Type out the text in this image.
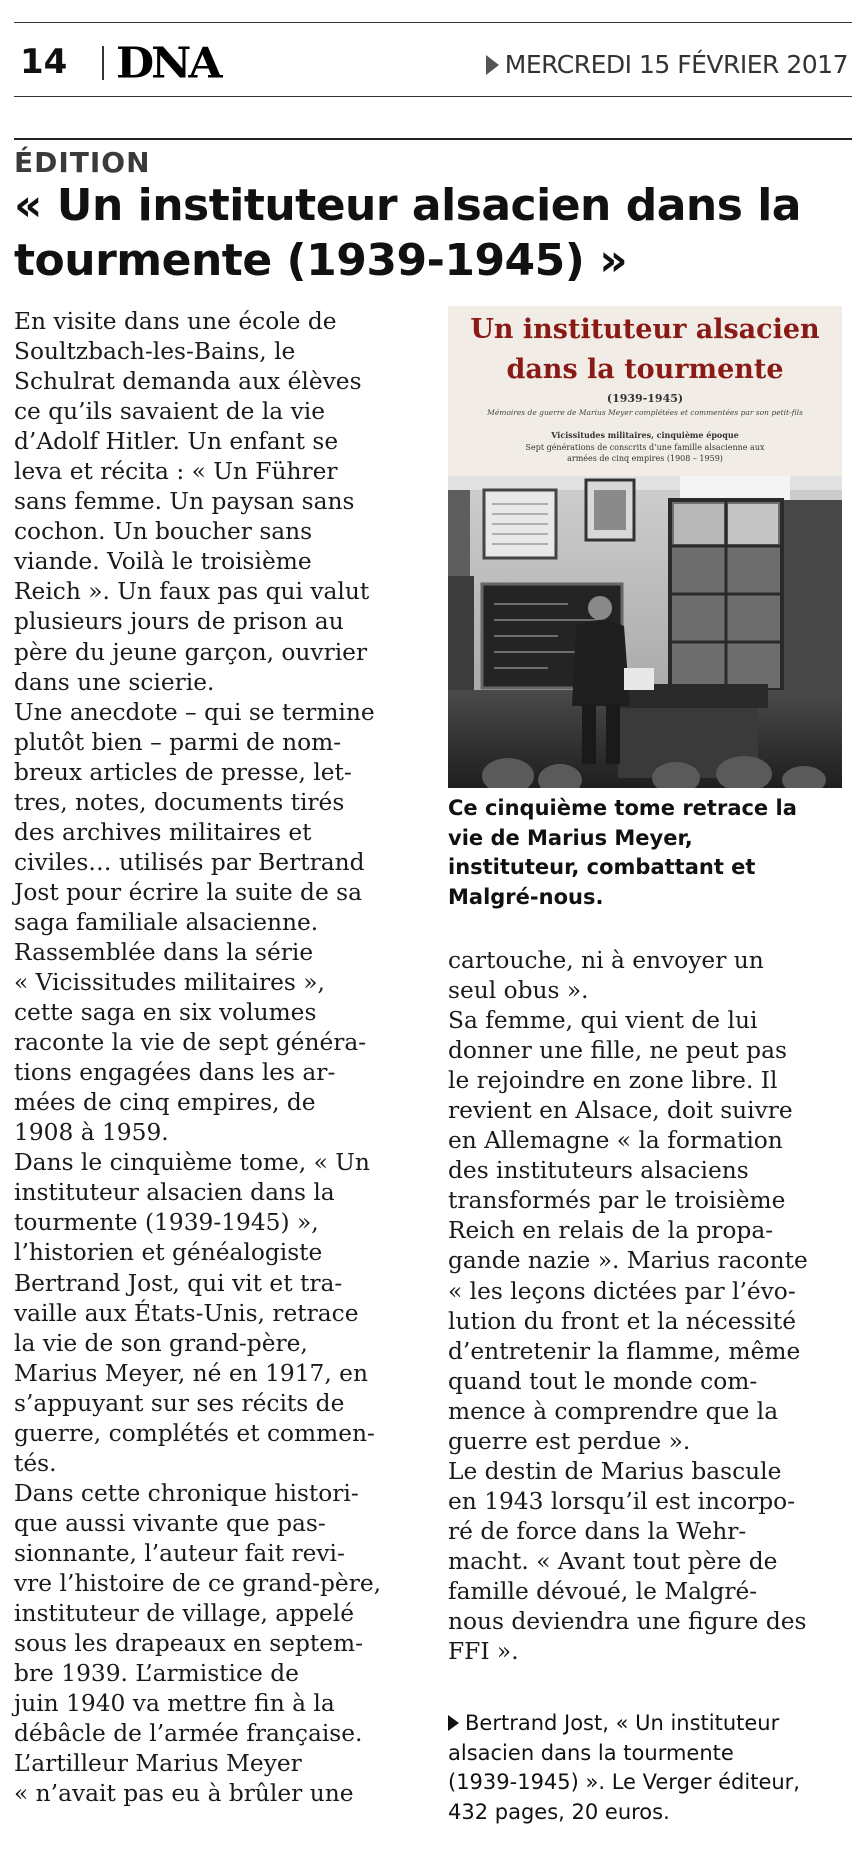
14 DNA	MERCREDI 15 FÉVRIER 2017
ÉDITION
« Un instituteur alsacien dans la
tourmente (1939-1945) »
En visite dans une école de
Soultzbach-les-Bains, le
Schulrat demanda aux élèves
ce qu’ils savaient de la vie
d’Adolf Hitler. Un enfant se
leva et récita : « Un Führer
sans femme. Un paysan sans
cochon. Un boucher sans
viande. Voilà le troisième
Reich ». Un faux pas qui valut
plusieurs jours de prison au
père du jeune garçon, ouvrier
dans une scierie.
Une anecdote – qui se termine
plutôt bien – parmi de nom-
breux articles de presse, let-
tres, notes, documents tirés
des archives militaires et
civiles… utilisés par Bertrand
Jost pour écrire la suite de sa
saga familiale alsacienne.
Rassemblée dans la série
« Vicissitudes militaires »,
cette saga en six volumes
raconte la vie de sept généra-
tions engagées dans les ar-
mées de cinq empires, de
1908 à 1959.
Dans le cinquième tome, « Un
instituteur alsacien dans la
tourmente (1939-1945) »,
l’historien et généalogiste
Bertrand Jost, qui vit et tra-
vaille aux États-Unis, retrace
la vie de son grand-père,
Marius Meyer, né en 1917, en
s’appuyant sur ses récits de
guerre, complétés et commen-
tés.
Dans cette chronique histori-
que aussi vivante que pas-
sionnante, l’auteur fait revi-
vre l’histoire de ce grand-père,
instituteur de village, appelé
sous les drapeaux en septem-
bre 1939. L’armistice de
juin 1940 va mettre fin à la
débâcle de l’armée française.
L’artilleur Marius Meyer
« n’avait pas eu à brûler une
Un instituteur alsacien
dans la tourmente
(1939-1945)
Mémoires de guerre de Marius Meyer complétées et commentées par son petit-fils
Vicissitudes militaires, cinquième époque
Sept générations de conscrits d’une famille alsacienne aux
armées de cinq empires (1908 – 1959)
Ce cinquième tome retrace la
vie de Marius Meyer,
instituteur, combattant et
Malgré-nous.
cartouche, ni à envoyer un
seul obus ».
Sa femme, qui vient de lui
donner une fille, ne peut pas
le rejoindre en zone libre. Il
revient en Alsace, doit suivre
en Allemagne « la formation
des instituteurs alsaciens
transformés par le troisième
Reich en relais de la propa-
gande nazie ». Marius raconte
« les leçons dictées par l’évo-
lution du front et la nécessité
d’entretenir la flamme, même
quand tout le monde com-
mence à comprendre que la
guerre est perdue ».
Le destin de Marius bascule
en 1943 lorsqu’il est incorpo-
ré de force dans la Wehr-
macht. « Avant tout père de
famille dévoué, le Malgré-
nous deviendra une figure des
FFI ».
Bertrand Jost, « Un instituteur
alsacien dans la tourmente
(1939-1945) ». Le Verger éditeur,
432 pages, 20 euros.
